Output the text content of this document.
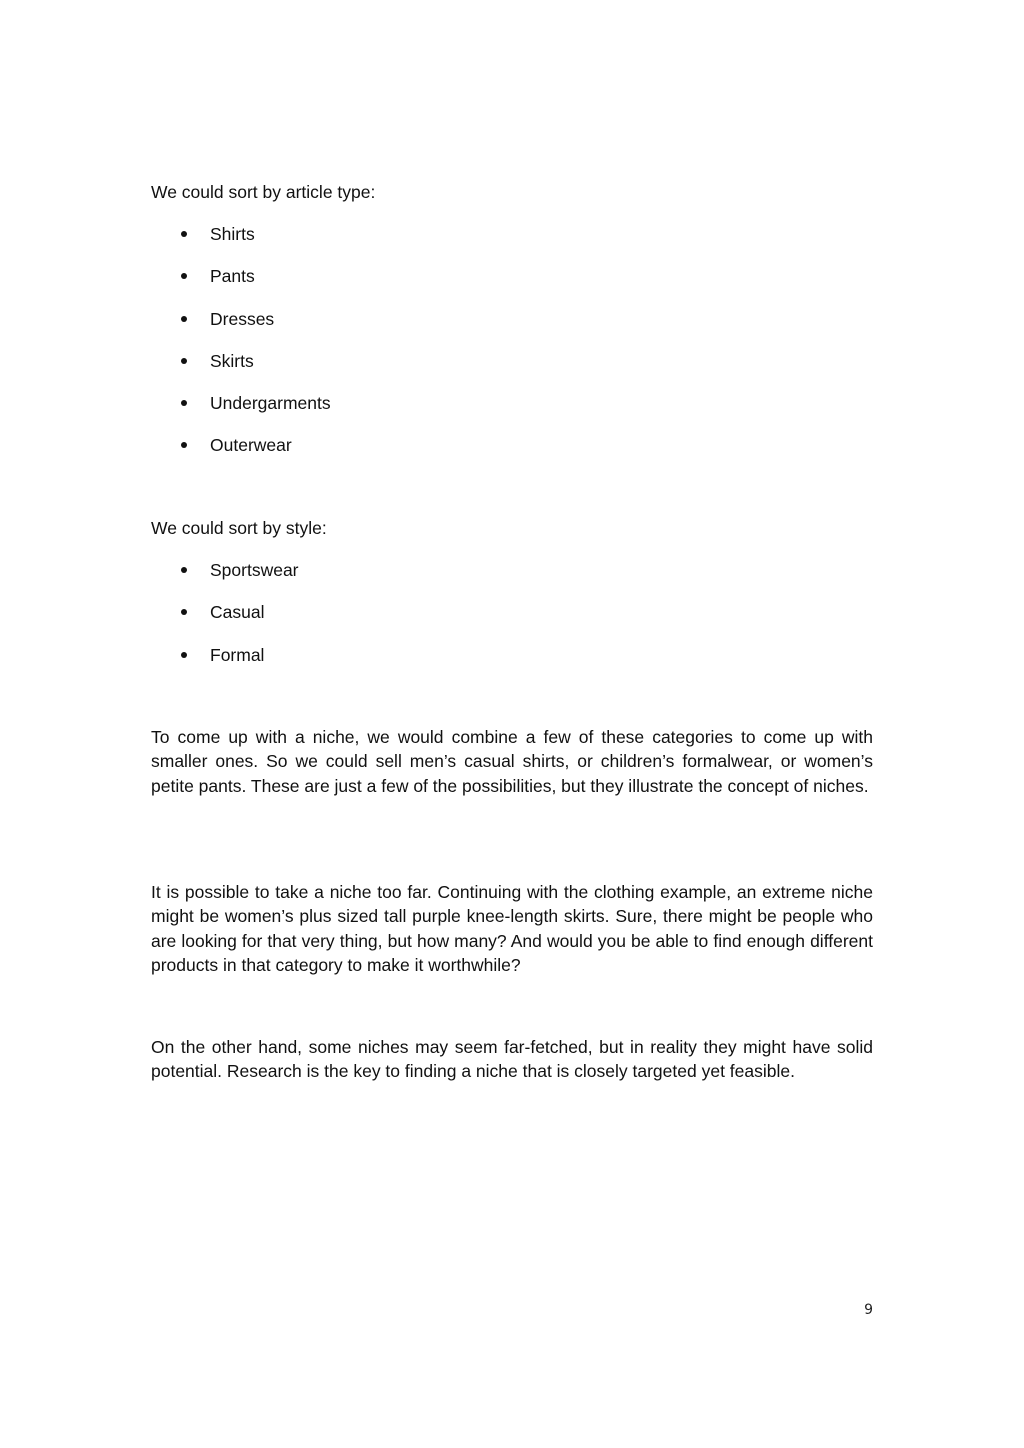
We could sort by article type:

Shirts
Pants
Dresses
Skirts
Undergarments
Outerwear

We could sort by style:

Sportswear
Casual
Formal

To come up with a niche, we would combine a few of these categories to come up with smaller ones. So we could sell men’s casual shirts, or children’s formalwear, or women’s petite pants. These are just a few of the possibilities, but they illustrate the concept of niches.

It is possible to take a niche too far. Continuing with the clothing example, an extreme niche might be women’s plus sized tall purple knee-length skirts. Sure, there might be people who are looking for that very thing, but how many? And would you be able to find enough different products in that category to make it worthwhile?

On the other hand, some niches may seem far-fetched, but in reality they might have solid potential. Research is the key to finding a niche that is closely targeted yet feasible.

9
